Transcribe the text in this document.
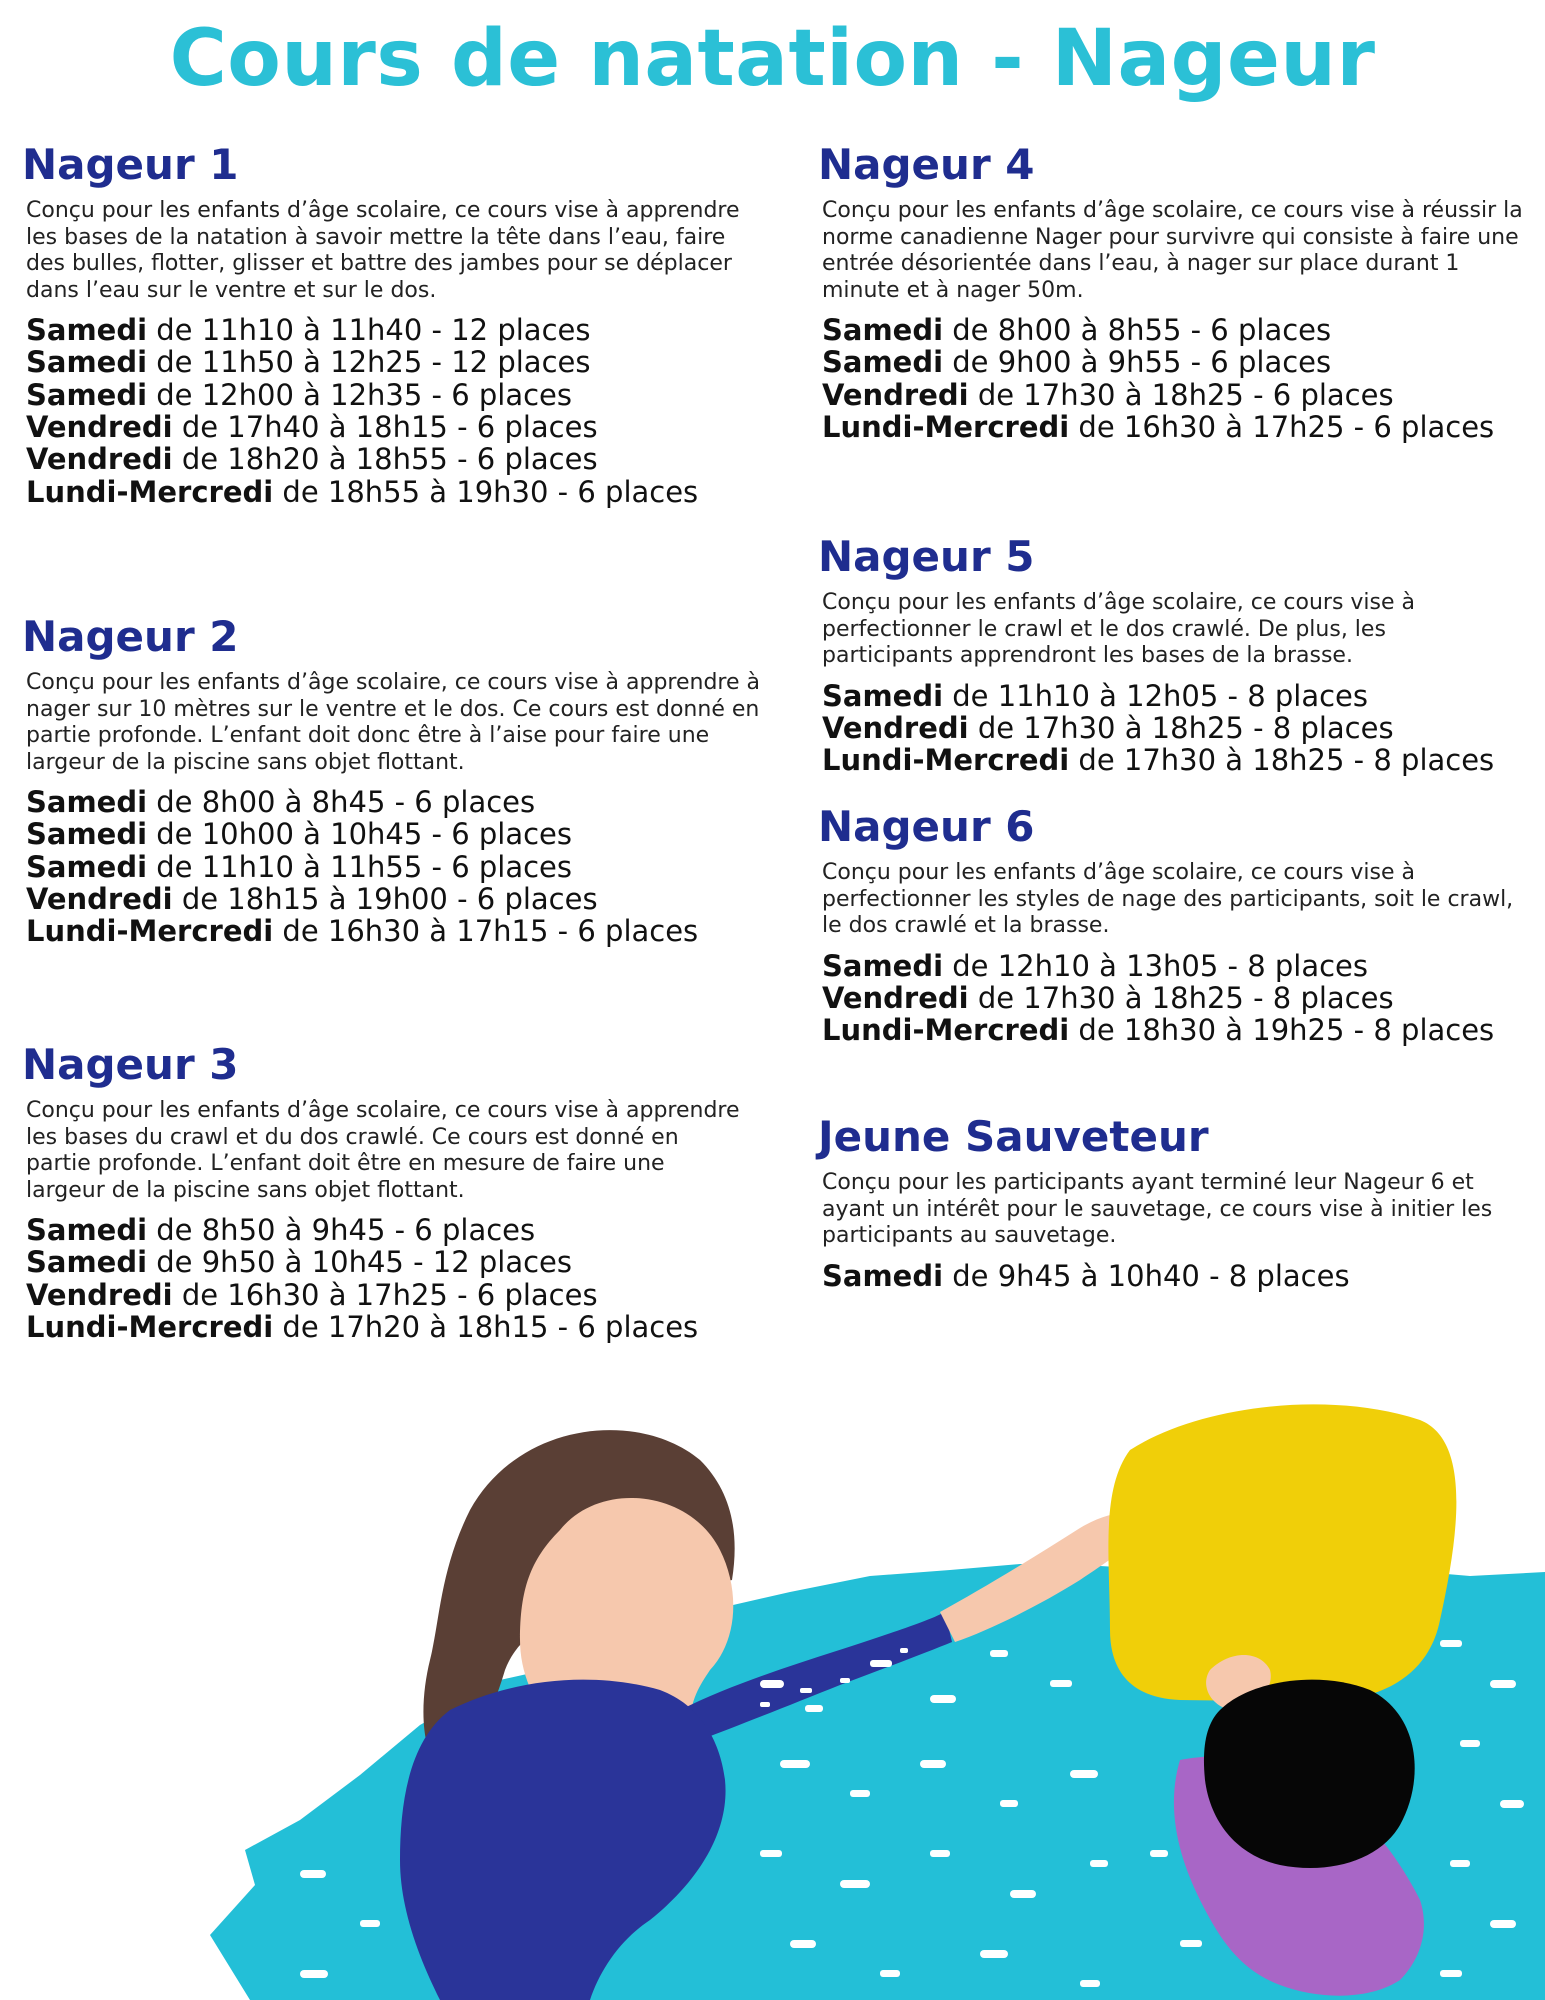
Cours de natation - Nageur
Nageur 1
Conçu pour les enfants d’âge scolaire, ce cours vise à apprendre les bases de la natation à savoir mettre la tête dans l’eau, faire des bulles, flotter, glisser et battre des jambes pour se déplacer dans l’eau sur le ventre et sur le dos.
Samedi de 11h10 à 11h40 - 12 places
Samedi de 11h50 à 12h25 - 12 places
Samedi de 12h00 à 12h35 - 6 places
Vendredi de 17h40 à 18h15 - 6 places
Vendredi de 18h20 à 18h55 - 6 places
Lundi-Mercredi de 18h55 à 19h30 - 6 places
Nageur 2
Conçu pour les enfants d’âge scolaire, ce cours vise à apprendre à nager sur 10 mètres sur le ventre et le dos. Ce cours est donné en partie profonde. L’enfant doit donc être à l’aise pour faire une largeur de la piscine sans objet flottant.
Samedi de 8h00 à 8h45 - 6 places
Samedi de 10h00 à 10h45 - 6 places
Samedi de 11h10 à 11h55 - 6 places
Vendredi de 18h15 à 19h00 - 6 places
Lundi-Mercredi de 16h30 à 17h15 - 6 places
Nageur 3
Conçu pour les enfants d’âge scolaire, ce cours vise à apprendre les bases du crawl et du dos crawlé. Ce cours est donné en partie profonde. L’enfant doit être en mesure de faire une largeur de la piscine sans objet flottant.
Samedi de 8h50 à 9h45 - 6 places
Samedi de 9h50 à 10h45 - 12 places
Vendredi de 16h30 à 17h25 - 6 places
Lundi-Mercredi de 17h20 à 18h15 - 6 places
Nageur 4
Conçu pour les enfants d’âge scolaire, ce cours vise à réussir la norme canadienne Nager pour survivre qui consiste à faire une entrée désorientée dans l’eau, à nager sur place durant 1 minute et à nager 50m.
Samedi de 8h00 à 8h55 - 6 places
Samedi de 9h00 à 9h55 - 6 places
Vendredi de 17h30 à 18h25 - 6 places
Lundi-Mercredi de 16h30 à 17h25 - 6 places
Nageur 5
Conçu pour les enfants d’âge scolaire, ce cours vise à perfectionner le crawl et le dos crawlé. De plus, les participants apprendront les bases de la brasse.
Samedi de 11h10 à 12h05 - 8 places
Vendredi de 17h30 à 18h25 - 8 places
Lundi-Mercredi de 17h30 à 18h25 - 8 places
Nageur 6
Conçu pour les enfants d’âge scolaire, ce cours vise à perfectionner les styles de nage des participants, soit le crawl, le dos crawlé et la brasse.
Samedi de 12h10 à 13h05 - 8 places
Vendredi de 17h30 à 18h25 - 8 places
Lundi-Mercredi de 18h30 à 19h25 - 8 places
Jeune Sauveteur
Conçu pour les participants ayant terminé leur Nageur 6 et ayant un intérêt pour le sauvetage, ce cours vise à initier les participants au sauvetage.
Samedi de 9h45 à 10h40 - 8 places
